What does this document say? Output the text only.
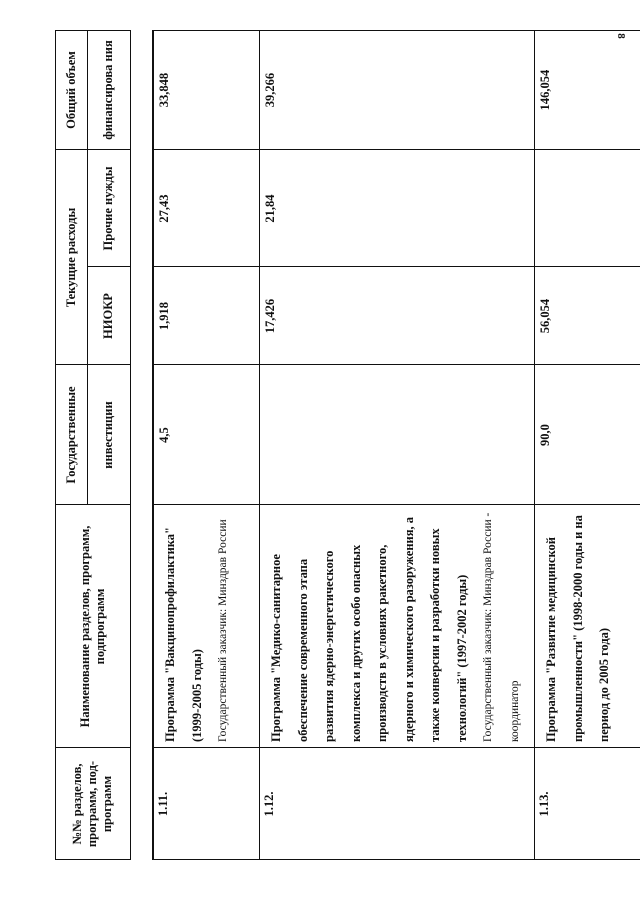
8
№№ разделов, программ, под-программ
Наименование разделов, программ, подпрограмм
Государственные инвестиции
Текущие расходы
НИОКР
Прочие нужды
Общий объем финансирова ния
1.11.
Программа "Вакцинопрофилактика" (1999-2005 годы)	Государственный заказчик: Минздрав России
4,5
1,918
27,43
33,848
1.12.
Программа "Медико-санитарное обеспечение современного этапа развития ядерно-энергетического комплекса и других особо опасных производств в условиях ракетного, ядерного и химического разоружения, а также конверсии и разработки новых технологий" (1997-2002 годы)	Государственный заказчик: Минздрав России - координатор
17,426
21,84
39,266
1.13.
Программа "Развитие медицинской промышленности" (1998-2000 годы и на период до 2005 года)
90,0
56,054
146,054
